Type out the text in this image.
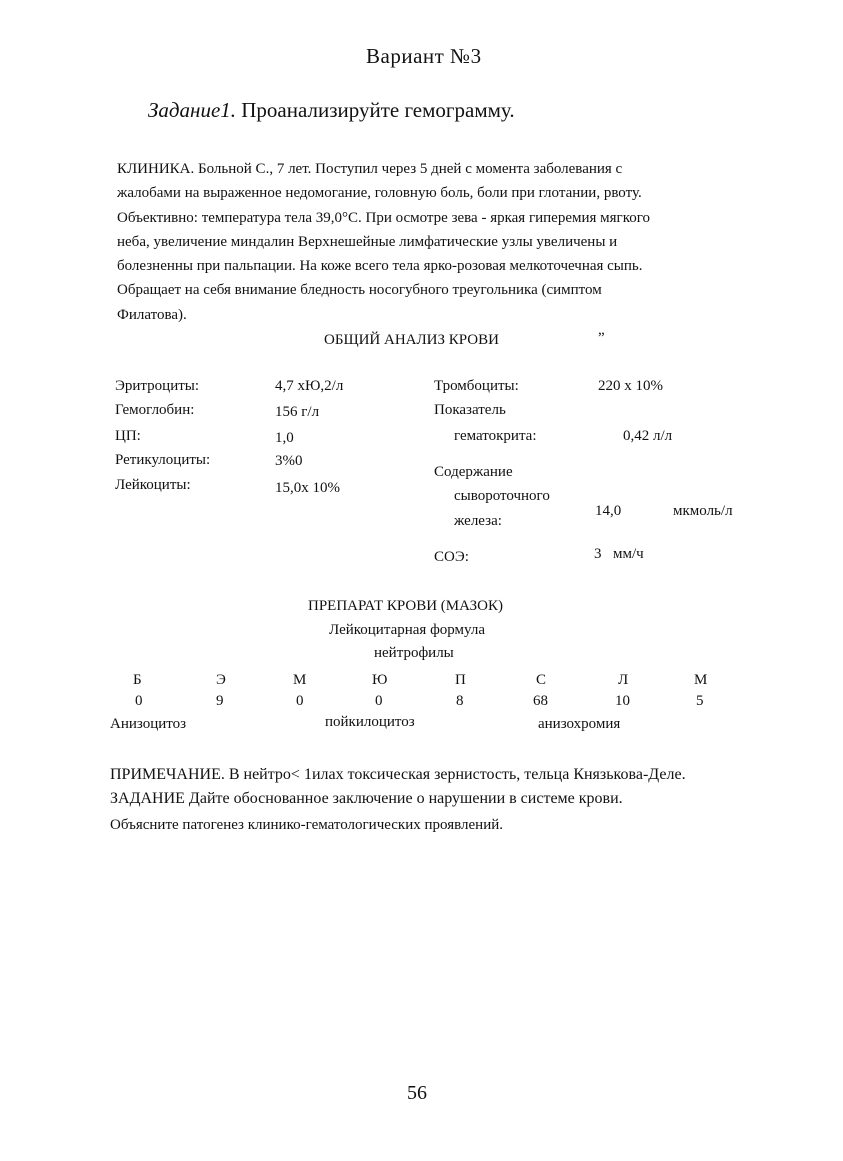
Вариант №3
Задание1. Проанализируйте гемограмму.
КЛИНИКА. Больной С., 7 лет. Поступил через 5 дней с момента заболевания с
жалобами на выраженное недомогание, головную боль, боли при глотании, рвоту.
Объективно: температура тела 39,0°С. При осмотре зева - яркая гиперемия мягкого
неба, увеличение миндалин Верхнешейные лимфатические узлы увеличены и
болезненны при пальпации. На коже всего тела ярко-розовая мелкоточечная сыпь.
Обращает на себя внимание бледность носогубного треугольника (симптом
Филатова).
ОБЩИЙ АНАЛИЗ КРОВИ	”
Эритроциты:	4,7 хЮ,2/л
Гемоглобин:	156 г/л
ЦП:	1,0
Ретикулоциты:	3%0
Лейкоциты:	15,0х 10%
Тромбоциты:	220 х 10%
Показатель
гематокрита:	0,42 л/л
Содержание
сывороточного
железа:
14,0	мкмоль/л
СОЭ:	3 мм/ч
ПРЕПАРАТ КРОВИ (МАЗОК)
Лейкоцитарная формула
нейтрофилы
Б	Э	М	Ю	П	С	Л	М
0	9	0	0	8	68	10	5
Анизоцитоз	пойкилоцитоз	анизохромия
ПРИМЕЧАНИЕ. В нейтро< 1илах токсическая зернистость, тельца Князькова-Деле.
ЗАДАНИЕ Дайте обоснованное заключение о нарушении в системе крови.
Объясните патогенез клинико-гематологических проявлений.
56
